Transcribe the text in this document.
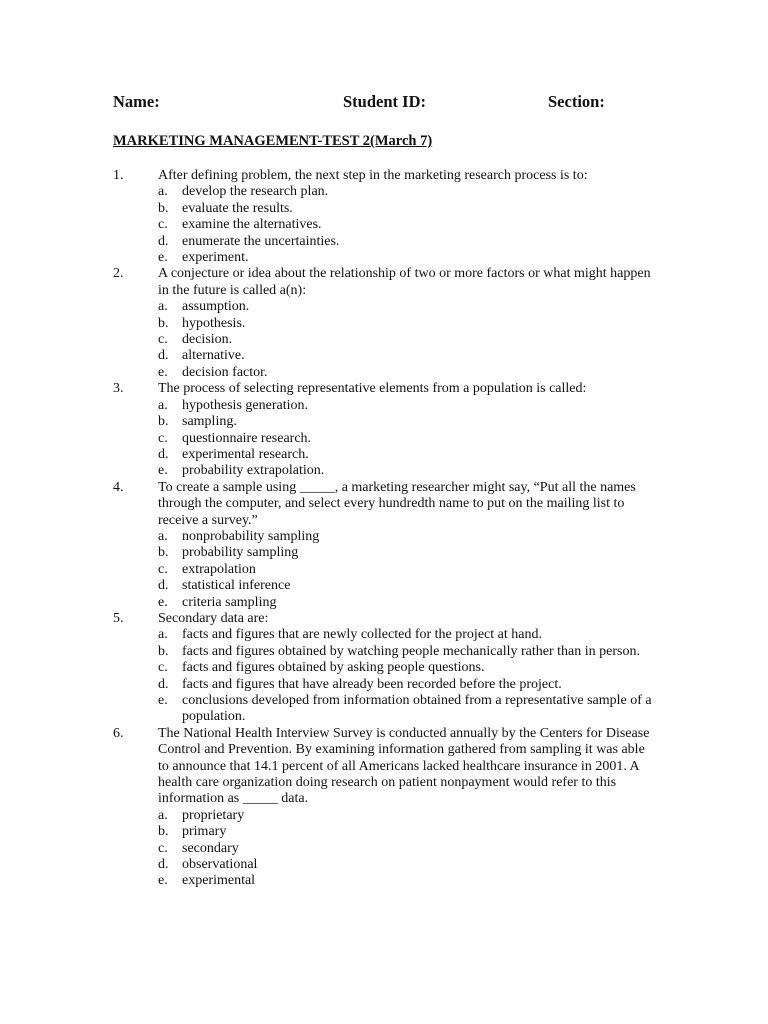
Name:	Student ID:	Section:
MARKETING MANAGEMENT-TEST 2(March 7)
1.	After defining problem, the next step in the marketing research process is to:
a.	develop the research plan.
b. evaluate the results.
c.	examine the alternatives.
d. enumerate the uncertainties.
e.	experiment.
2.	A conjecture or idea about the relationship of two or more factors or what might happen in the future is called a(n):
a.	assumption.
b. hypothesis.
c.	decision.
d. alternative.
e.	decision factor.
3.	The process of selecting representative elements from a population is called:
a.	hypothesis generation.
b. sampling.
c.	questionnaire research.
d. experimental research.
e.	probability extrapolation.
4.	To create a sample using _____, a marketing researcher might say, “Put all the names through the computer, and select every hundredth name to put on the mailing list to receive a survey.”
a.	nonprobability sampling
b. probability sampling
c.	extrapolation
d. statistical inference
e.	criteria sampling
5.	Secondary data are:
a.	facts and figures that are newly collected for the project at hand.
b. facts and figures obtained by watching people mechanically rather than in person.
c.	facts and figures obtained by asking people questions.
d. facts and figures that have already been recorded before the project.
e.	conclusions developed from information obtained from a representative sample of a population.
6.	The National Health Interview Survey is conducted annually by the Centers for Disease Control and Prevention. By examining information gathered from sampling it was able to announce that 14.1 percent of all Americans lacked healthcare insurance in 2001. A health care organization doing research on patient nonpayment would refer to this information as _____ data.
a.	proprietary
b. primary
c.	secondary
d. observational
e.	experimental
